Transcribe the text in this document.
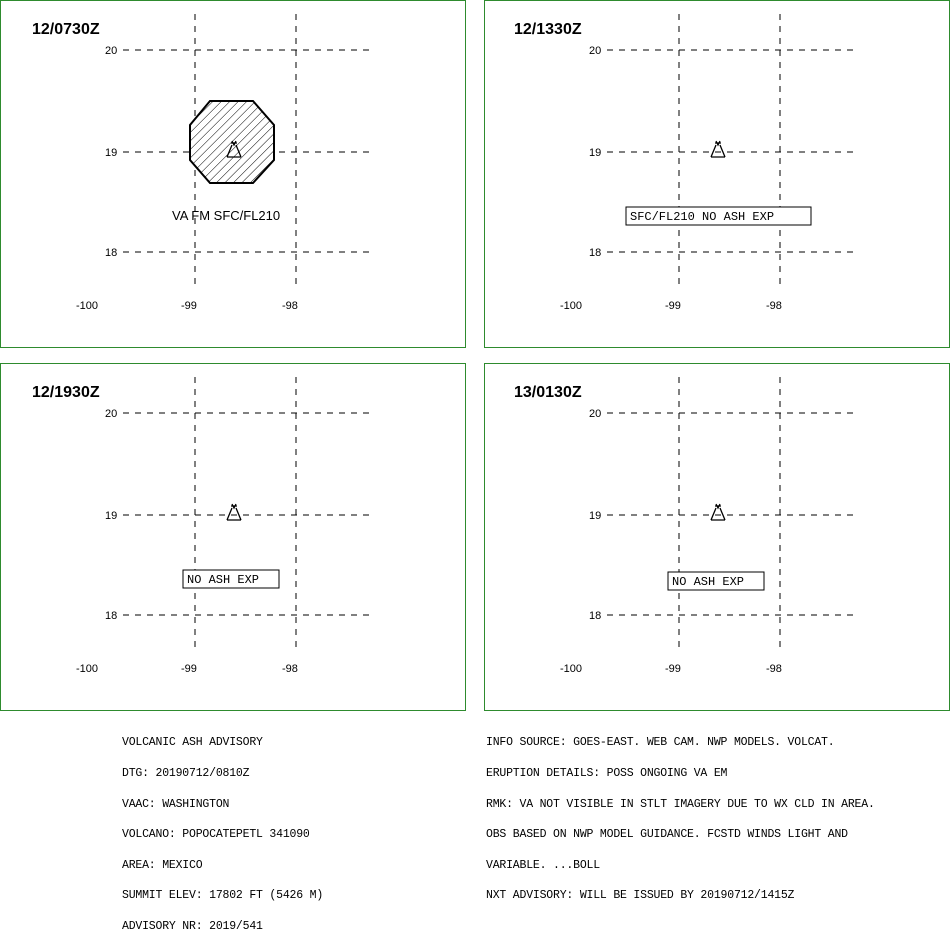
12/0730Z
20
19
18
-100	-99	-98
VA FM SFC/FL210
12/1330Z
20
19
18
-100	-99	-98
SFC/FL210 NO ASH EXP
12/1930Z
20
19
18
-100	-99	-98
NO ASH EXP
13/0130Z
20
19
18
-100	-99	-98
NO ASH EXP

VOLCANIC ASH ADVISORY

DTG: 20190712/0810Z

VAAC: WASHINGTON

VOLCANO: POPOCATEPETL 341090

AREA: MEXICO

SUMMIT ELEV: 17802 FT (5426 M)

ADVISORY NR: 2019/541

INFO SOURCE: GOES-EAST. WEB CAM. NWP MODELS. VOLCAT.

ERUPTION DETAILS: POSS ONGOING VA EM

RMK: VA NOT VISIBLE IN STLT IMAGERY DUE TO WX CLD IN AREA.

OBS BASED ON NWP MODEL GUIDANCE. FCSTD WINDS LIGHT AND

VARIABLE. ...BOLL

NXT ADVISORY: WILL BE ISSUED BY 20190712/1415Z
